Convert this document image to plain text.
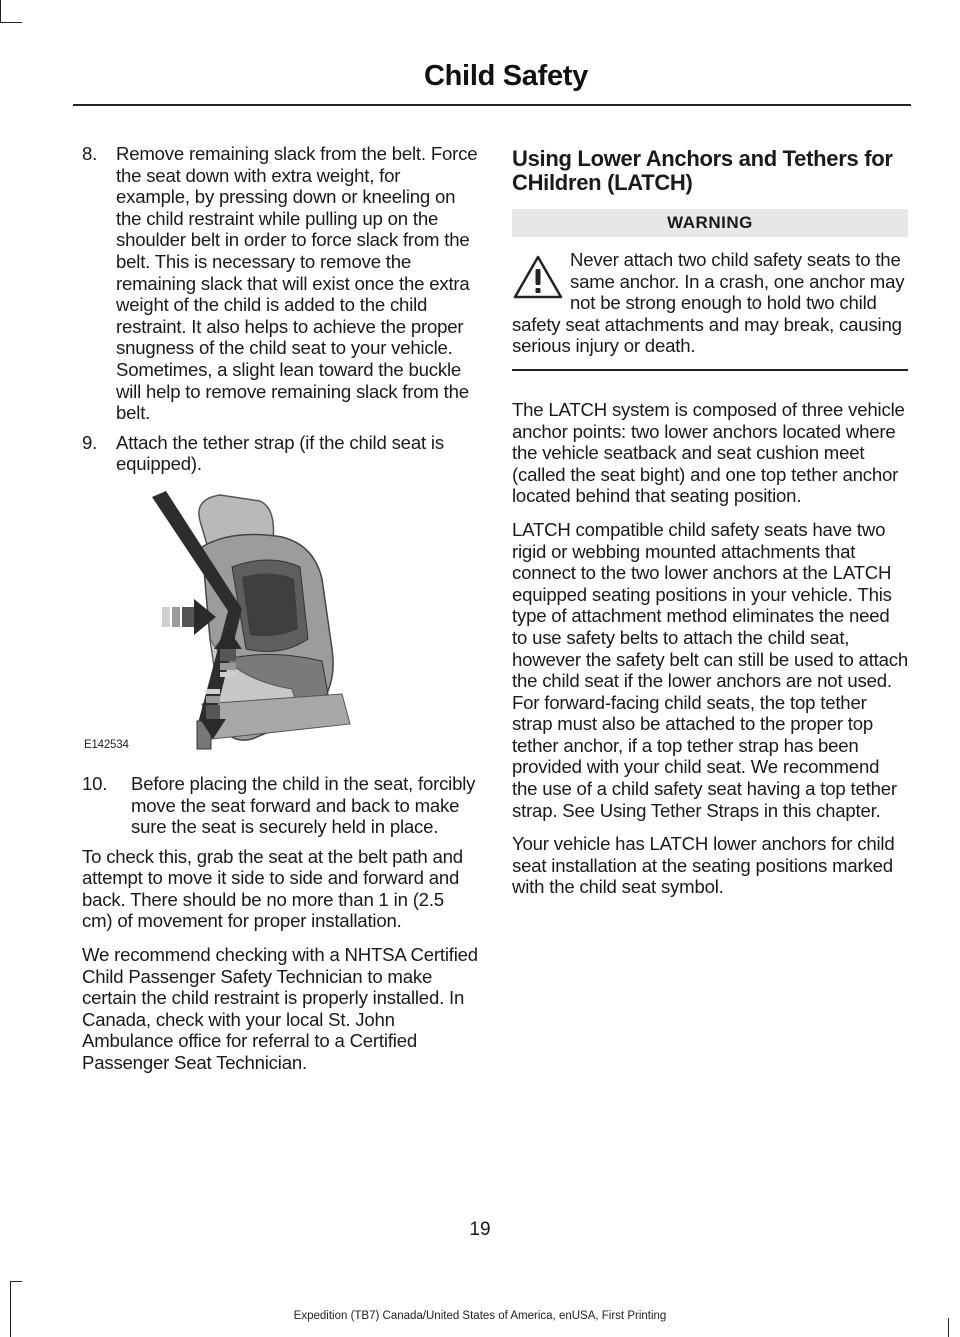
Child Safety
8.	Remove remaining slack from the belt. Force the seat down with extra weight, for example, by pressing down or kneeling on the child restraint while pulling up on the shoulder belt in order to force slack from the belt. This is necessary to remove the remaining slack that will exist once the extra weight of the child is added to the child restraint. It also helps to achieve the proper snugness of the child seat to your vehicle. Sometimes, a slight lean toward the buckle will help to remove remaining slack from the belt.
9.	Attach the tether strap (if the child seat is equipped).
E142534
10.	Before placing the child in the seat, forcibly move the seat forward and back to make sure the seat is securely held in place.

To check this, grab the seat at the belt path and attempt to move it side to side and forward and back. There should be no more than 1 in (2.5 cm) of movement for proper installation.

We recommend checking with a NHTSA Certified Child Passenger Safety Technician to make certain the child restraint is properly installed. In Canada, check with your local St. John Ambulance office for referral to a Certified Passenger Seat Technician.

Using Lower Anchors and Tethers for CHildren (LATCH)
WARNING
Never attach two child safety seats to the same anchor. In a crash, one anchor may not be strong enough to hold two child safety seat attachments and may break, causing serious injury or death.

The LATCH system is composed of three vehicle anchor points: two lower anchors located where the vehicle seatback and seat cushion meet (called the seat bight) and one top tether anchor located behind that seating position.

LATCH compatible child safety seats have two rigid or webbing mounted attachments that connect to the two lower anchors at the LATCH equipped seating positions in your vehicle. This type of attachment method eliminates the need to use safety belts to attach the child seat, however the safety belt can still be used to attach the child seat if the lower anchors are not used. For forward-facing child seats, the top tether strap must also be attached to the proper top tether anchor, if a top tether strap has been provided with your child seat. We recommend the use of a child safety seat having a top tether strap. See Using Tether Straps in this chapter.

Your vehicle has LATCH lower anchors for child seat installation at the seating positions marked with the child seat symbol.

19
Expedition (TB7) Canada/United States of America, enUSA, First Printing
